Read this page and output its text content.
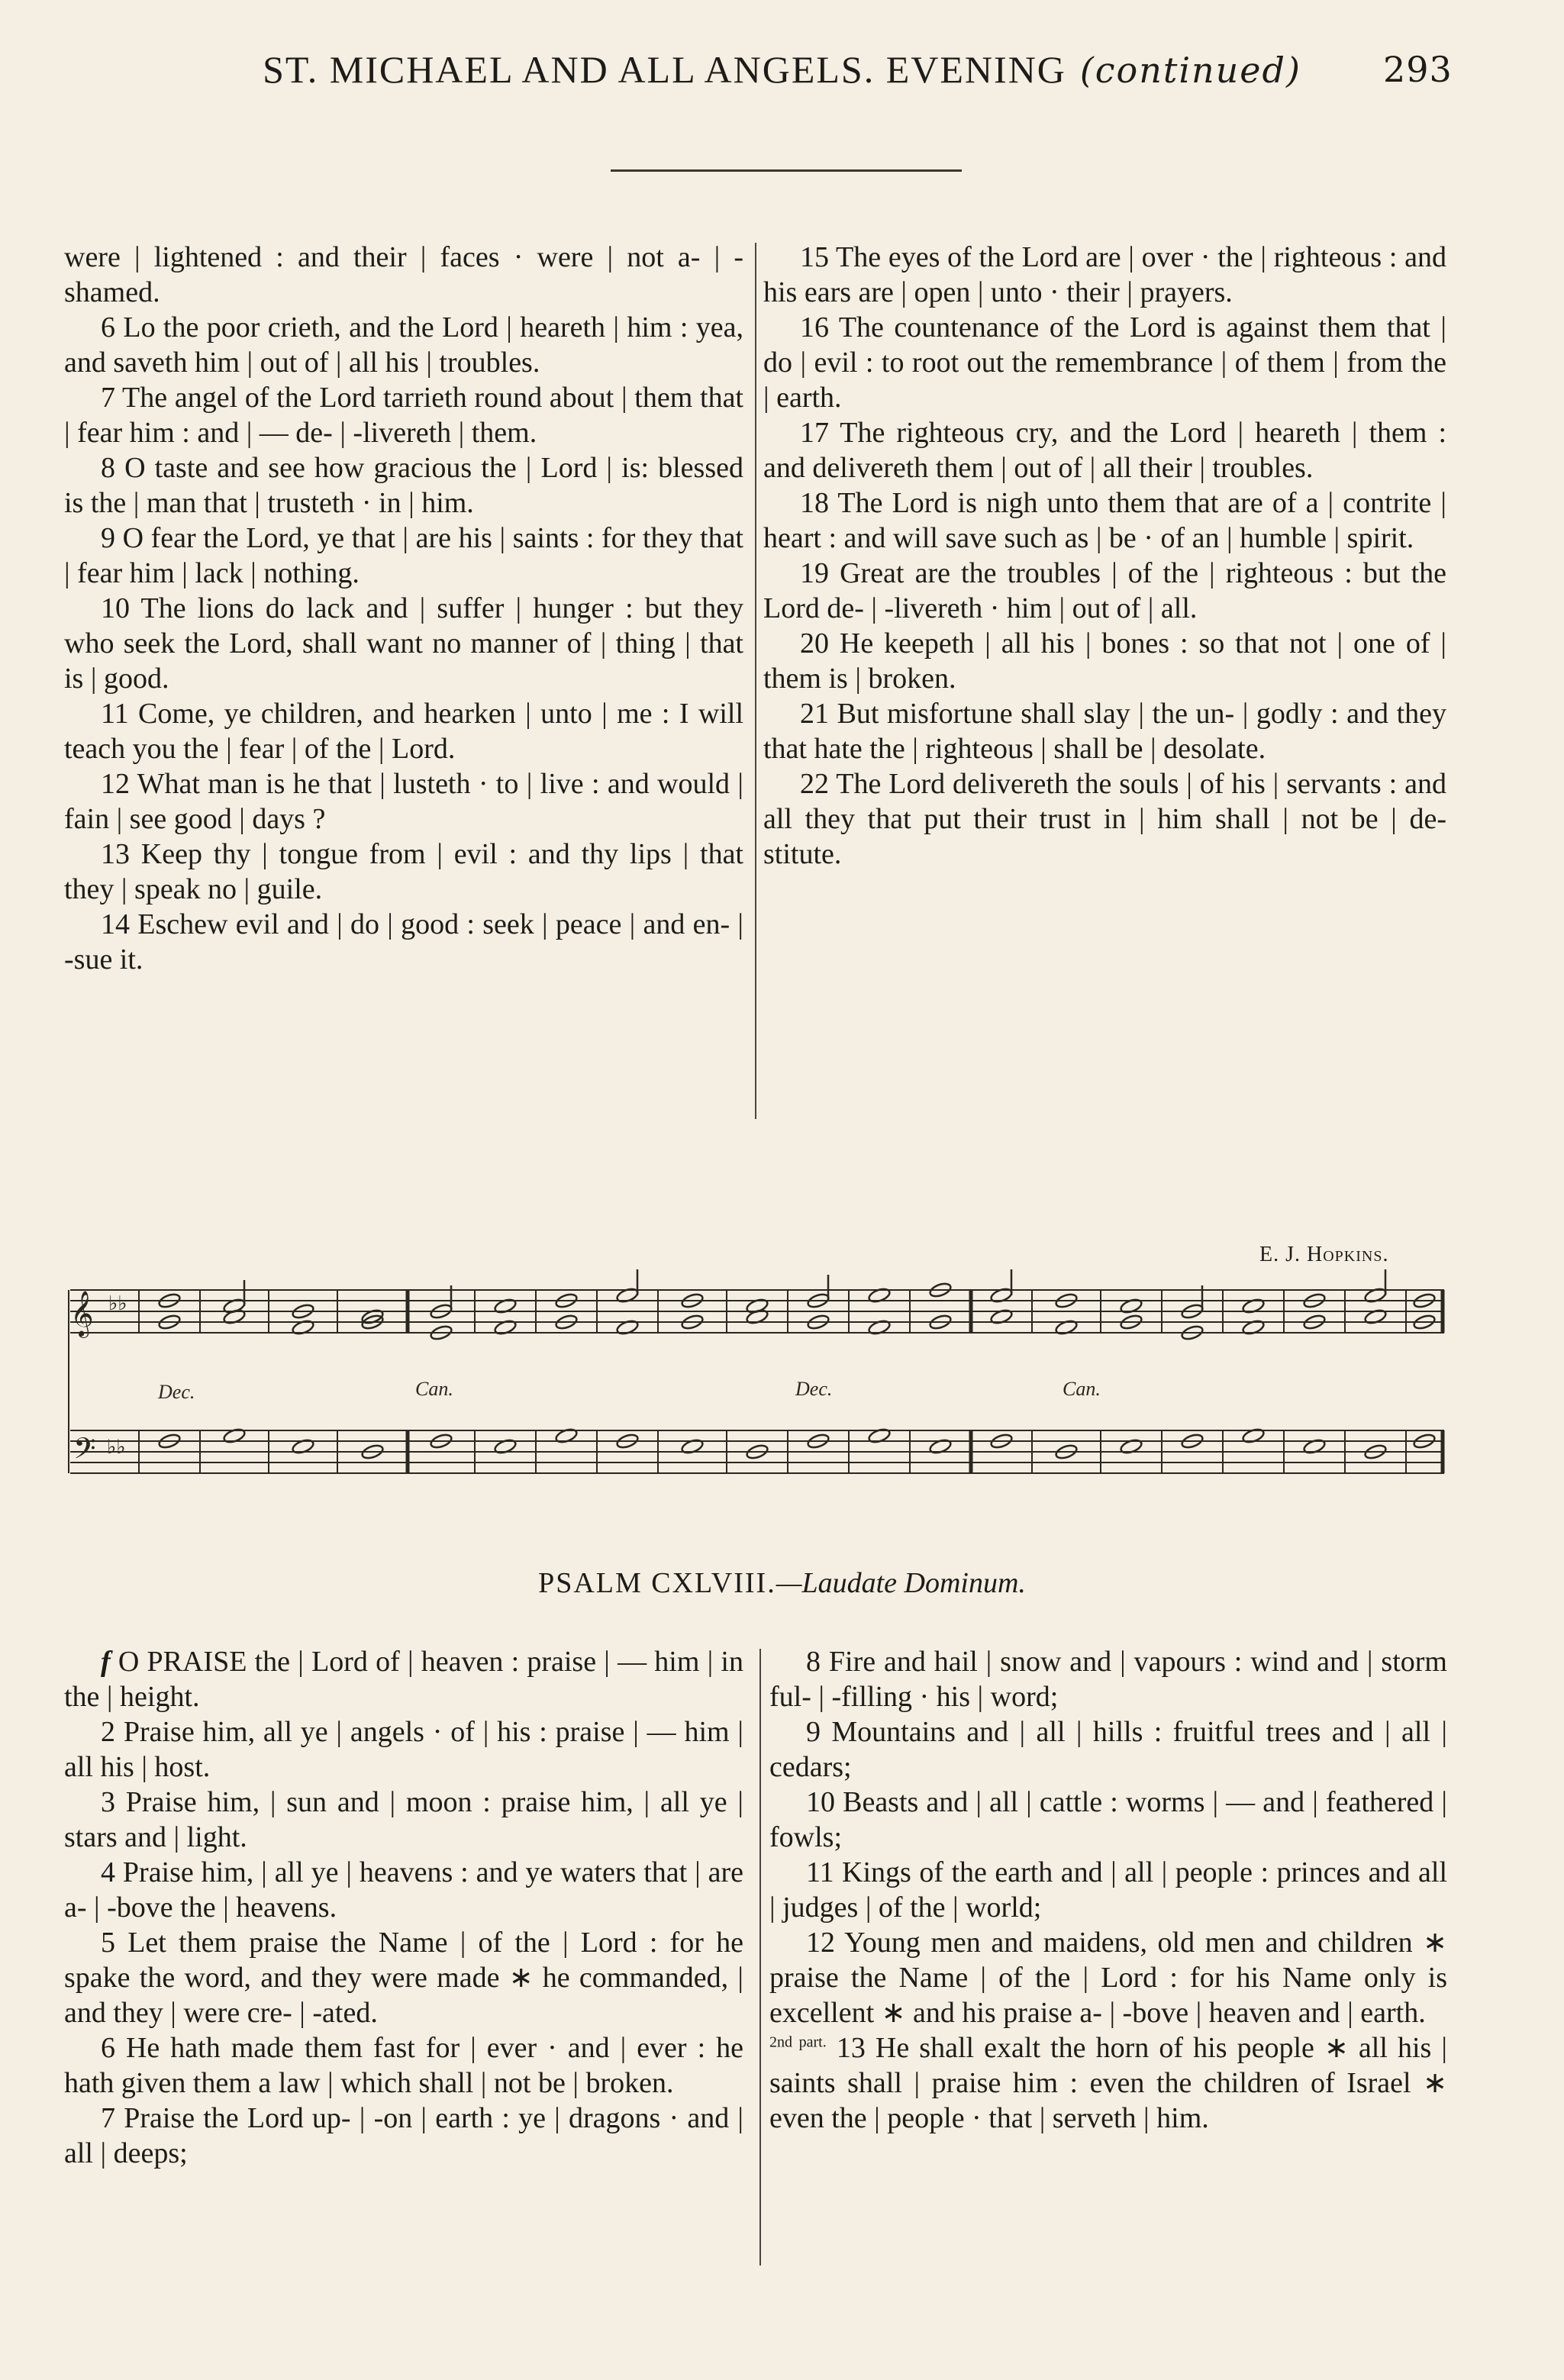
ST. MICHAEL AND ALL ANGELS. EVENING (continued) 293

were | lightened : and their | faces · were | not a- | -shamed.

6 Lo the poor crieth, and the Lord | heareth | him : yea, and saveth him | out of | all his | troubles.

7 The angel of the Lord tarrieth round about | them that | fear him : and | — de- | -livereth | them.

8 O taste and see how gracious the | Lord | is: blessed is the | man that | trusteth · in | him.

9 O fear the Lord, ye that | are his | saints : for they that | fear him | lack | nothing.

10 The lions do lack and | suffer | hunger : but they who seek the Lord, shall want no manner of | thing | that is | good.

11 Come, ye children, and hearken | unto | me : I will teach you the | fear | of the | Lord.

12 What man is he that | lusteth · to | live : and would | fain | see good | days ?

13 Keep thy | tongue from | evil : and thy lips | that they | speak no | guile.

14 Eschew evil and | do | good : seek | peace | and en- | -sue it.

15 The eyes of the Lord are | over · the | righteous : and his ears are | open | unto · their | prayers.

16 The countenance of the Lord is against them that | do | evil : to root out the remembrance | of them | from the | earth.

17 The righteous cry, and the Lord | heareth | them : and delivereth them | out of | all their | troubles.

18 The Lord is nigh unto them that are of a | contrite | heart : and will save such as | be · of an | humble | spirit.

19 Great are the troubles | of the | righteous : but the Lord de- | -livereth · him | out of | all.

20 He keepeth | all his | bones : so that not | one of | them is | broken.

21 But misfortune shall slay | the un- | godly : and they that hate the | righteous | shall be | desolate.

22 The Lord delivereth the souls | of his | servants : and all they that put their trust in | him shall | not be | de-stitute.

E. J. Hopkins.
𝄞
𝄢
♭♭
♭♭
Dec.	Can.	Dec.	Can.
PSALM CXLVIII.—Laudate Dominum.

f O PRAISE the | Lord of | heaven : praise | — him | in the | height.

2 Praise him, all ye | angels · of | his : praise | — him | all his | host.

3 Praise him, | sun and | moon : praise him, | all ye | stars and | light.

4 Praise him, | all ye | heavens : and ye waters that | are a- | -bove the | heavens.

5 Let them praise the Name | of the | Lord : for he spake the word, and they were made ∗ he commanded, | and they | were cre- | -ated.

6 He hath made them fast for | ever · and | ever : he hath given them a law | which shall | not be | broken.

7 Praise the Lord up- | -on | earth : ye | dragons · and | all | deeps;

8 Fire and hail | snow and | vapours : wind and | storm ful- | -filling · his | word;

9 Mountains and | all | hills : fruitful trees and | all | cedars;

10 Beasts and | all | cattle : worms | — and | feathered | fowls;

11 Kings of the earth and | all | people : princes and all | judges | of the | world;

12 Young men and maidens, old men and children ∗ praise the Name | of the | Lord : for his Name only is excellent ∗ and his praise a- | -bove | heaven and | earth.

$^{2nd part.}$ 13 He shall exalt the horn of his people ∗ all his | saints shall | praise him : even the children of Israel ∗ even the | people · that | serveth | him.
